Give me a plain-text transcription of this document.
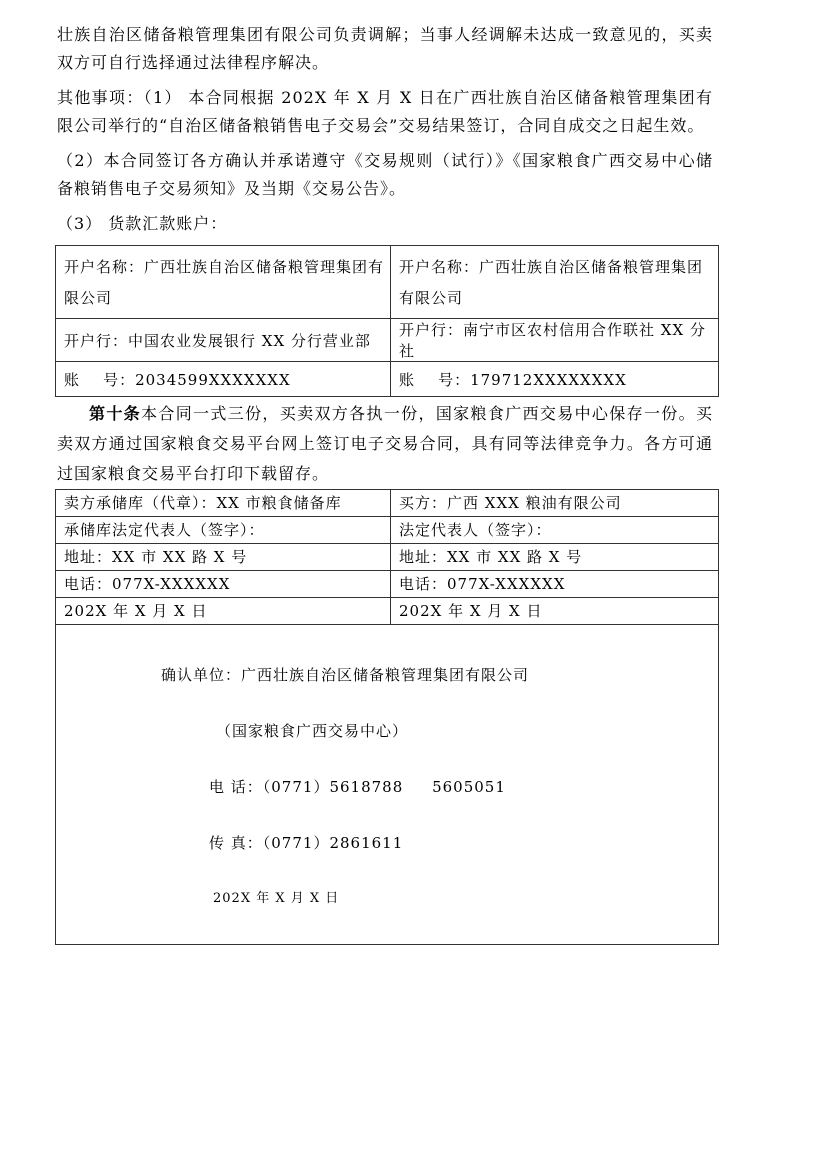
壮族自治区储备粮管理集团有限公司负责调解；当事人经调解未达成一致意见的，买卖双方可自行选择通过法律程序解决。

其他事项：（1） 本合同根据 202X 年 X 月 X 日在广西壮族自治区储备粮管理集团有限公司举行的“自治区储备粮销售电子交易会”交易结果签订，合同自成交之日起生效。

（2）本合同签订各方确认并承诺遵守《交易规则（试行）》《国家粮食广西交易中心储备粮销售电子交易须知》及当期《交易公告》。

（3） 货款汇款账户：

开户名称：广西壮族自治区储备粮管理集团有限公司	开户名称：广西壮族自治区储备粮管理集团有限公司
开户行：中国农业发展银行 XX 分行营业部	开户行：南宁市区农村信用合作联社 XX 分社
账    号：2034599XXXXXXX	账    号：179712XXXXXXXX

第十条本合同一式三份，买卖双方各执一份，国家粮食广西交易中心保存一份。买卖双方通过国家粮食交易平台网上签订电子交易合同，具有同等法律竞争力。各方可通过国家粮食交易平台打印下载留存。

卖方承储库（代章）：XX 市粮食储备库	买方：广西 XXX 粮油有限公司
承储库法定代表人（签字）：	法定代表人（签字）：
地址：XX 市 XX 路 X 号	地址：XX 市 XX 路 X 号
电话：077X-XXXXXX	电话：077X-XXXXXX
202X 年 X 月 X 日	202X 年 X 月 X 日

确认单位：广西壮族自治区储备粮管理集团有限公司

（国家粮食广西交易中心）

电 话：（0771）5618788     5605051

传 真：（0771）2861611

202X 年 X 月 X 日	
